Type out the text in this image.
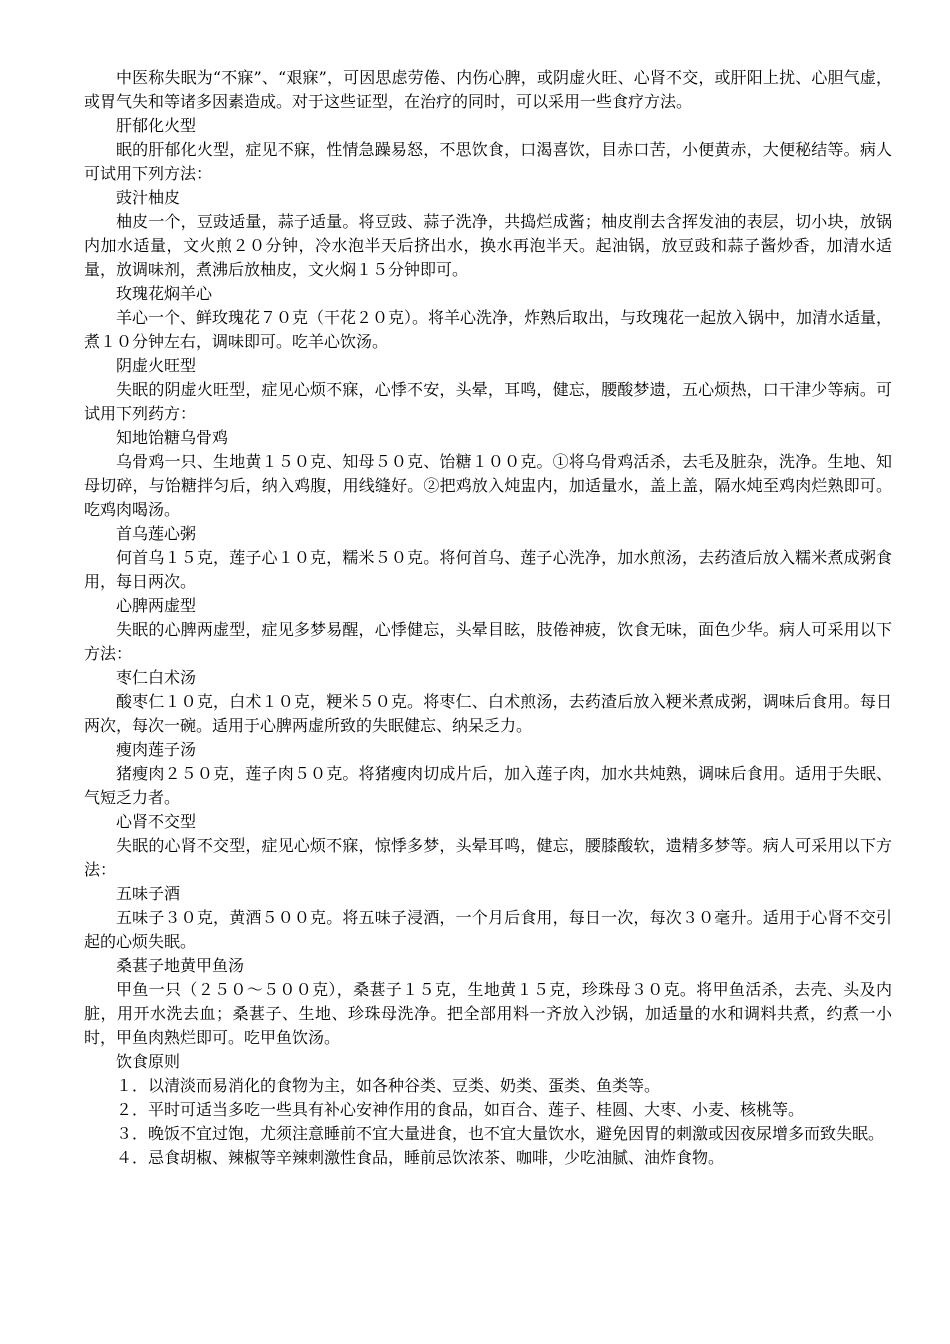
中医称失眠为“不寐”、“艰寐”，可因思虑劳倦、内伤心脾，或阴虚火旺、心肾不交，或肝阳上扰、心胆气虚，或胃气失和等诸多因素造成。对于这些证型，在治疗的同时，可以采用一些食疗方法。

肝郁化火型

眠的肝郁化火型，症见不寐，性情急躁易怒，不思饮食，口渴喜饮，目赤口苦，小便黄赤，大便秘结等。病人可试用下列方法：

豉汁柚皮

柚皮一个，豆豉适量，蒜子适量。将豆豉、蒜子洗净，共捣烂成酱；柚皮削去含挥发油的表层，切小块，放锅内加水适量，文火煎２０分钟，冷水泡半天后挤出水，换水再泡半天。起油锅，放豆豉和蒜子酱炒香，加清水适量，放调味剂，煮沸后放柚皮，文火焖１５分钟即可。

玫瑰花焖羊心

羊心一个、鲜玫瑰花７０克（干花２０克）。将羊心洗净，炸熟后取出，与玫瑰花一起放入锅中，加清水适量，煮１０分钟左右，调味即可。吃羊心饮汤。

阴虚火旺型

失眠的阴虚火旺型，症见心烦不寐，心悸不安，头晕，耳鸣，健忘，腰酸梦遗，五心烦热，口干津少等病。可试用下列药方：

知地饴糖乌骨鸡

乌骨鸡一只、生地黄１５０克、知母５０克、饴糖１００克。①将乌骨鸡活杀，去毛及脏杂，洗净。生地、知母切碎，与饴糖拌匀后，纳入鸡腹，用线缝好。②把鸡放入炖盅内，加适量水，盖上盖，隔水炖至鸡肉烂熟即可。吃鸡肉喝汤。

首乌莲心粥

何首乌１５克，莲子心１０克，糯米５０克。将何首乌、莲子心洗净，加水煎汤，去药渣后放入糯米煮成粥食用，每日两次。

心脾两虚型

失眠的心脾两虚型，症见多梦易醒，心悸健忘，头晕目眩，肢倦神疲，饮食无味，面色少华。病人可采用以下方法：

枣仁白术汤

酸枣仁１０克，白术１０克，粳米５０克。将枣仁、白术煎汤，去药渣后放入粳米煮成粥，调味后食用。每日两次，每次一碗。适用于心脾两虚所致的失眠健忘、纳呆乏力。

瘦肉莲子汤

猪瘦肉２５０克，莲子肉５０克。将猪瘦肉切成片后，加入莲子肉，加水共炖熟，调味后食用。适用于失眠、气短乏力者。

心肾不交型

失眠的心肾不交型，症见心烦不寐，惊悸多梦，头晕耳鸣，健忘，腰膝酸软，遗精多梦等。病人可采用以下方法：

五味子酒

五味子３０克，黄酒５００克。将五味子浸酒，一个月后食用，每日一次，每次３０毫升。适用于心肾不交引起的心烦失眠。

桑葚子地黄甲鱼汤

甲鱼一只（２５０～５００克），桑葚子１５克，生地黄１５克，珍珠母３０克。将甲鱼活杀，去壳、头及内脏，用开水洗去血；桑葚子、生地、珍珠母洗净。把全部用料一齐放入沙锅，加适量的水和调料共煮，约煮一小时，甲鱼肉熟烂即可。吃甲鱼饮汤。

饮食原则

１．以清淡而易消化的食物为主，如各种谷类、豆类、奶类、蛋类、鱼类等。

２．平时可适当多吃一些具有补心安神作用的食品，如百合、莲子、桂圆、大枣、小麦、核桃等。

３．晚饭不宜过饱，尤须注意睡前不宜大量进食，也不宜大量饮水，避免因胃的刺激或因夜尿增多而致失眠。

４．忌食胡椒、辣椒等辛辣刺激性食品，睡前忌饮浓茶、咖啡，少吃油腻、油炸食物。
